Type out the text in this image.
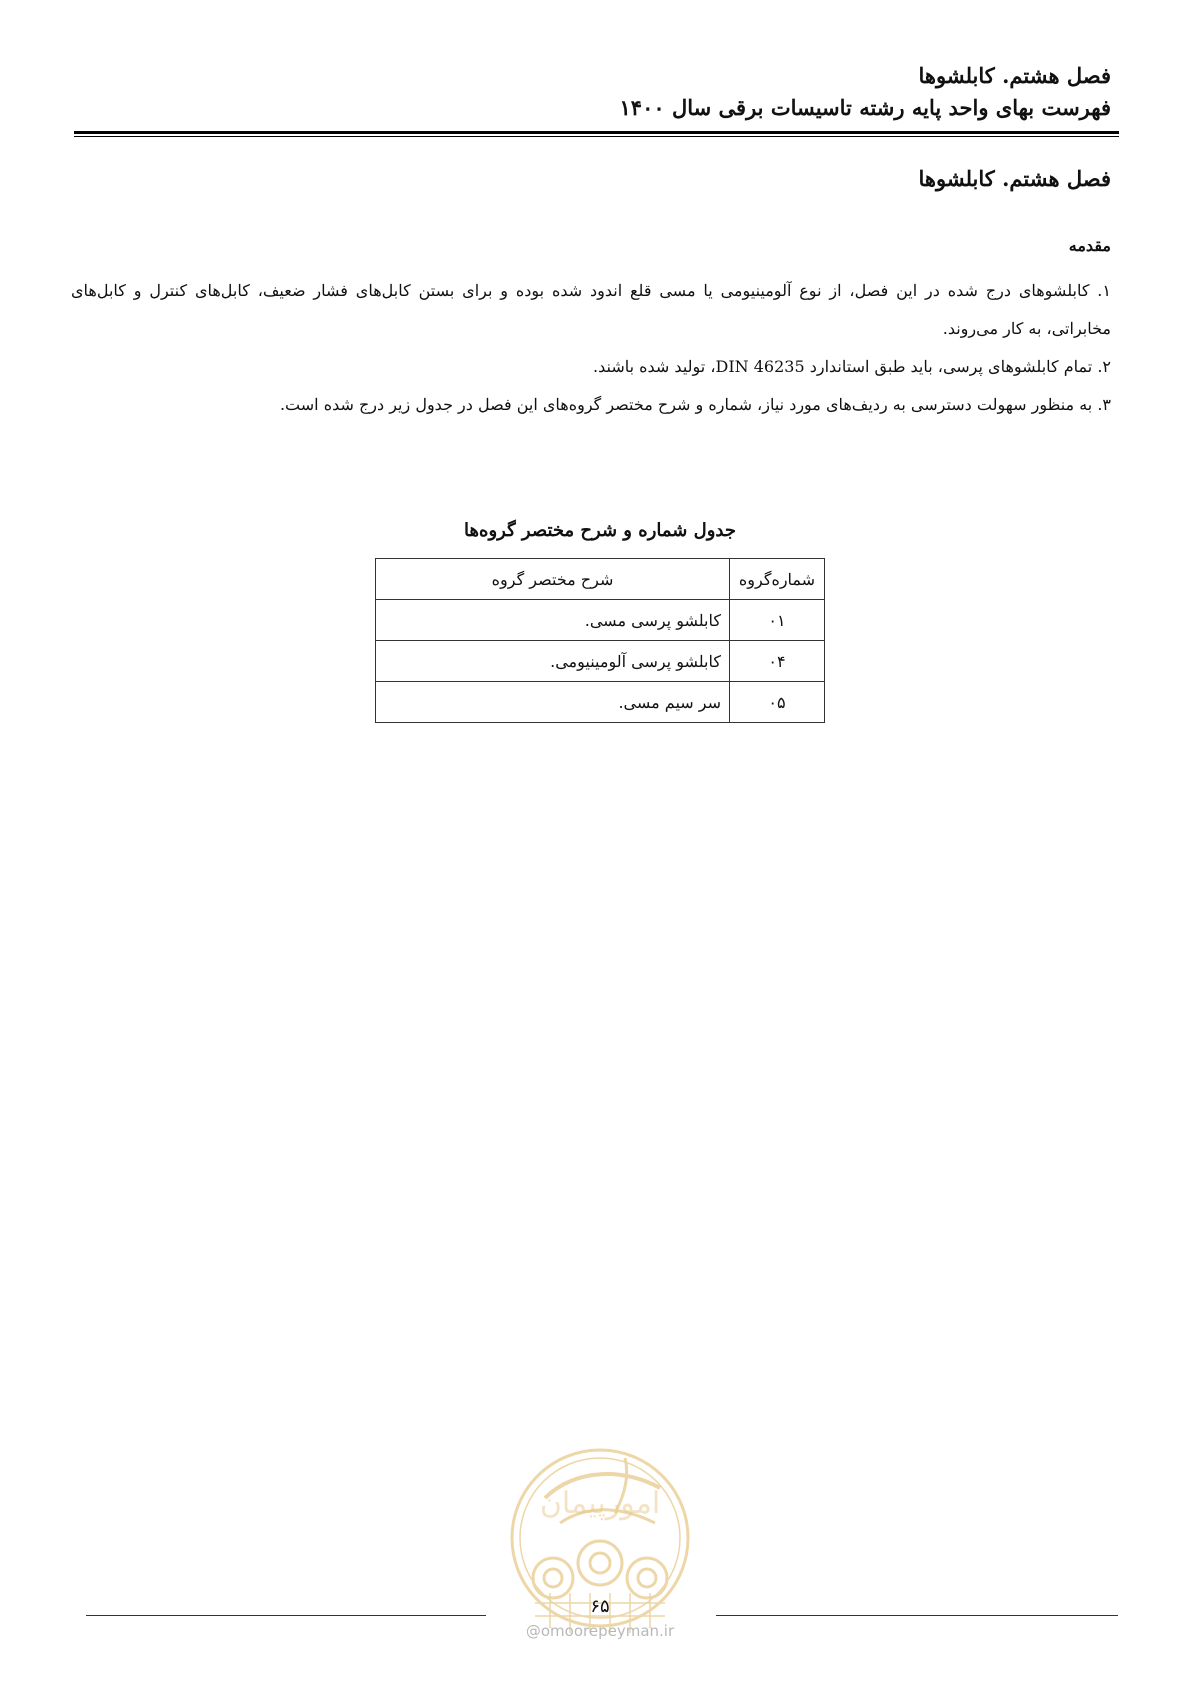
فصل هشتم. کابلشوها
فهرست بهای واحد پایه رشته تاسیسات برقی سال ۱۴۰۰
فصل هشتم. کابلشوها
مقدمه

۱. کابلشوهای درج شده در این فصل، از نوع آلومینیومی یا مسی قلع اندود شده بوده و برای بستن کابل‌های فشار ضعیف، کابل‌های کنترل و کابل‌های مخابراتی، به کار می‌روند.

۲. تمام کابلشوهای پرسی، باید طبق استاندارد DIN 46235، تولید شده باشند.

۳. به منظور سهولت دسترسی به ردیف‌های مورد نیاز، شماره و شرح مختصر گروه‌های این فصل در جدول زیر درج شده است.

جدول شماره و شرح مختصر گروه‌ها
شماره‌گروه	شرح مختصر گروه
۰۱	کابلشو پرسی مسی.
۰۴	کابلشو پرسی آلومینیومی.
۰۵	سر سیم مسی.
امورپیمان
۶۵
@omoorepeyman.ir
